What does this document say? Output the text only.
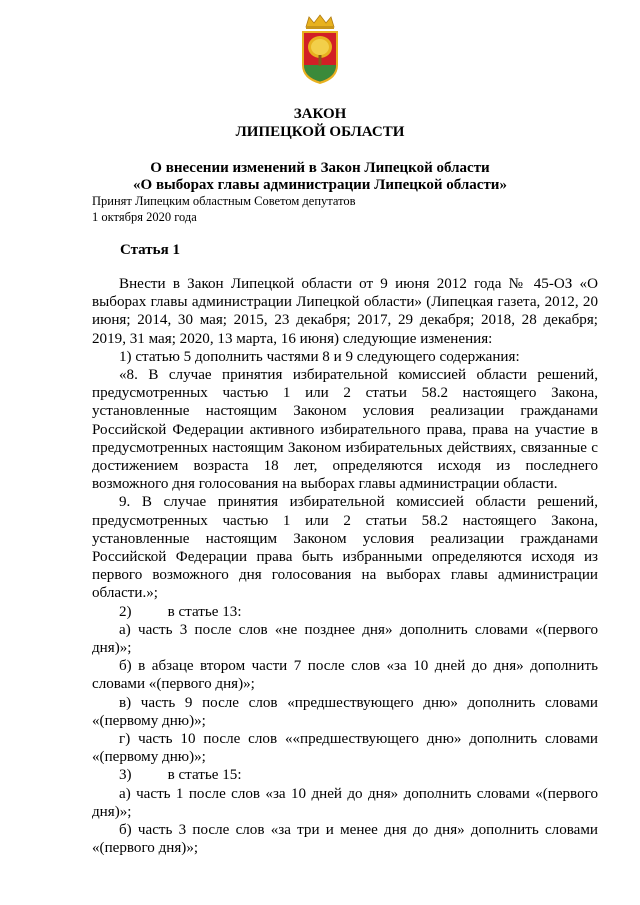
ЗАКОН
ЛИПЕЦКОЙ ОБЛАСТИ
О внесении изменений в Закон Липецкой области
«О выборах главы администрации Липецкой области»
Принят Липецким областным Советом депутатов
1 октября 2020 года
Статья 1

Внести в Закон Липецкой области от 9 июня 2012 года № 45-ОЗ «О выборах главы администрации Липецкой области» (Липецкая газета, 2012, 20 июня; 2014, 30 мая; 2015, 23 декабря; 2017, 29 декабря; 2018, 28 декабря; 2019, 31 мая; 2020, 13 марта, 16 июня) следующие изменения:

1) статью 5 дополнить частями 8 и 9 следующего содержания:

«8. В случае принятия избирательной комиссией области решений, предусмотренных частью 1 или 2 статьи 58.2 настоящего Закона, установленные настоящим Законом условия реализации гражданами Российской Федерации активного избирательного права, права на участие в предусмотренных настоящим Законом избирательных действиях, связанные с достижением возраста 18 лет, определяются исходя из последнего возможного дня голосования на выборах главы администрации области.

9. В случае принятия избирательной комиссией области решений, предусмотренных частью 1 или 2 статьи 58.2 настоящего Закона, установленные настоящим Законом условия реализации гражданами Российской Федерации права быть избранными определяются исходя из первого возможного дня голосования на выборах главы администрации области.»;

2) в статье 13:

а) часть 3 после слов «не позднее дня» дополнить словами «(первого дня)»;

б) в абзаце втором части 7 после слов «за 10 дней до дня» дополнить словами «(первого дня)»;

в) часть 9 после слов «предшествующего дню» дополнить словами «(первому дню)»;

г) часть 10 после слов ««предшествующего дню» дополнить словами «(первому дню)»;

3) в статье 15:

а) часть 1 после слов «за 10 дней до дня» дополнить словами «(первого дня)»;

б) часть 3 после слов «за три и менее дня до дня» дополнить словами «(первого дня)»;
